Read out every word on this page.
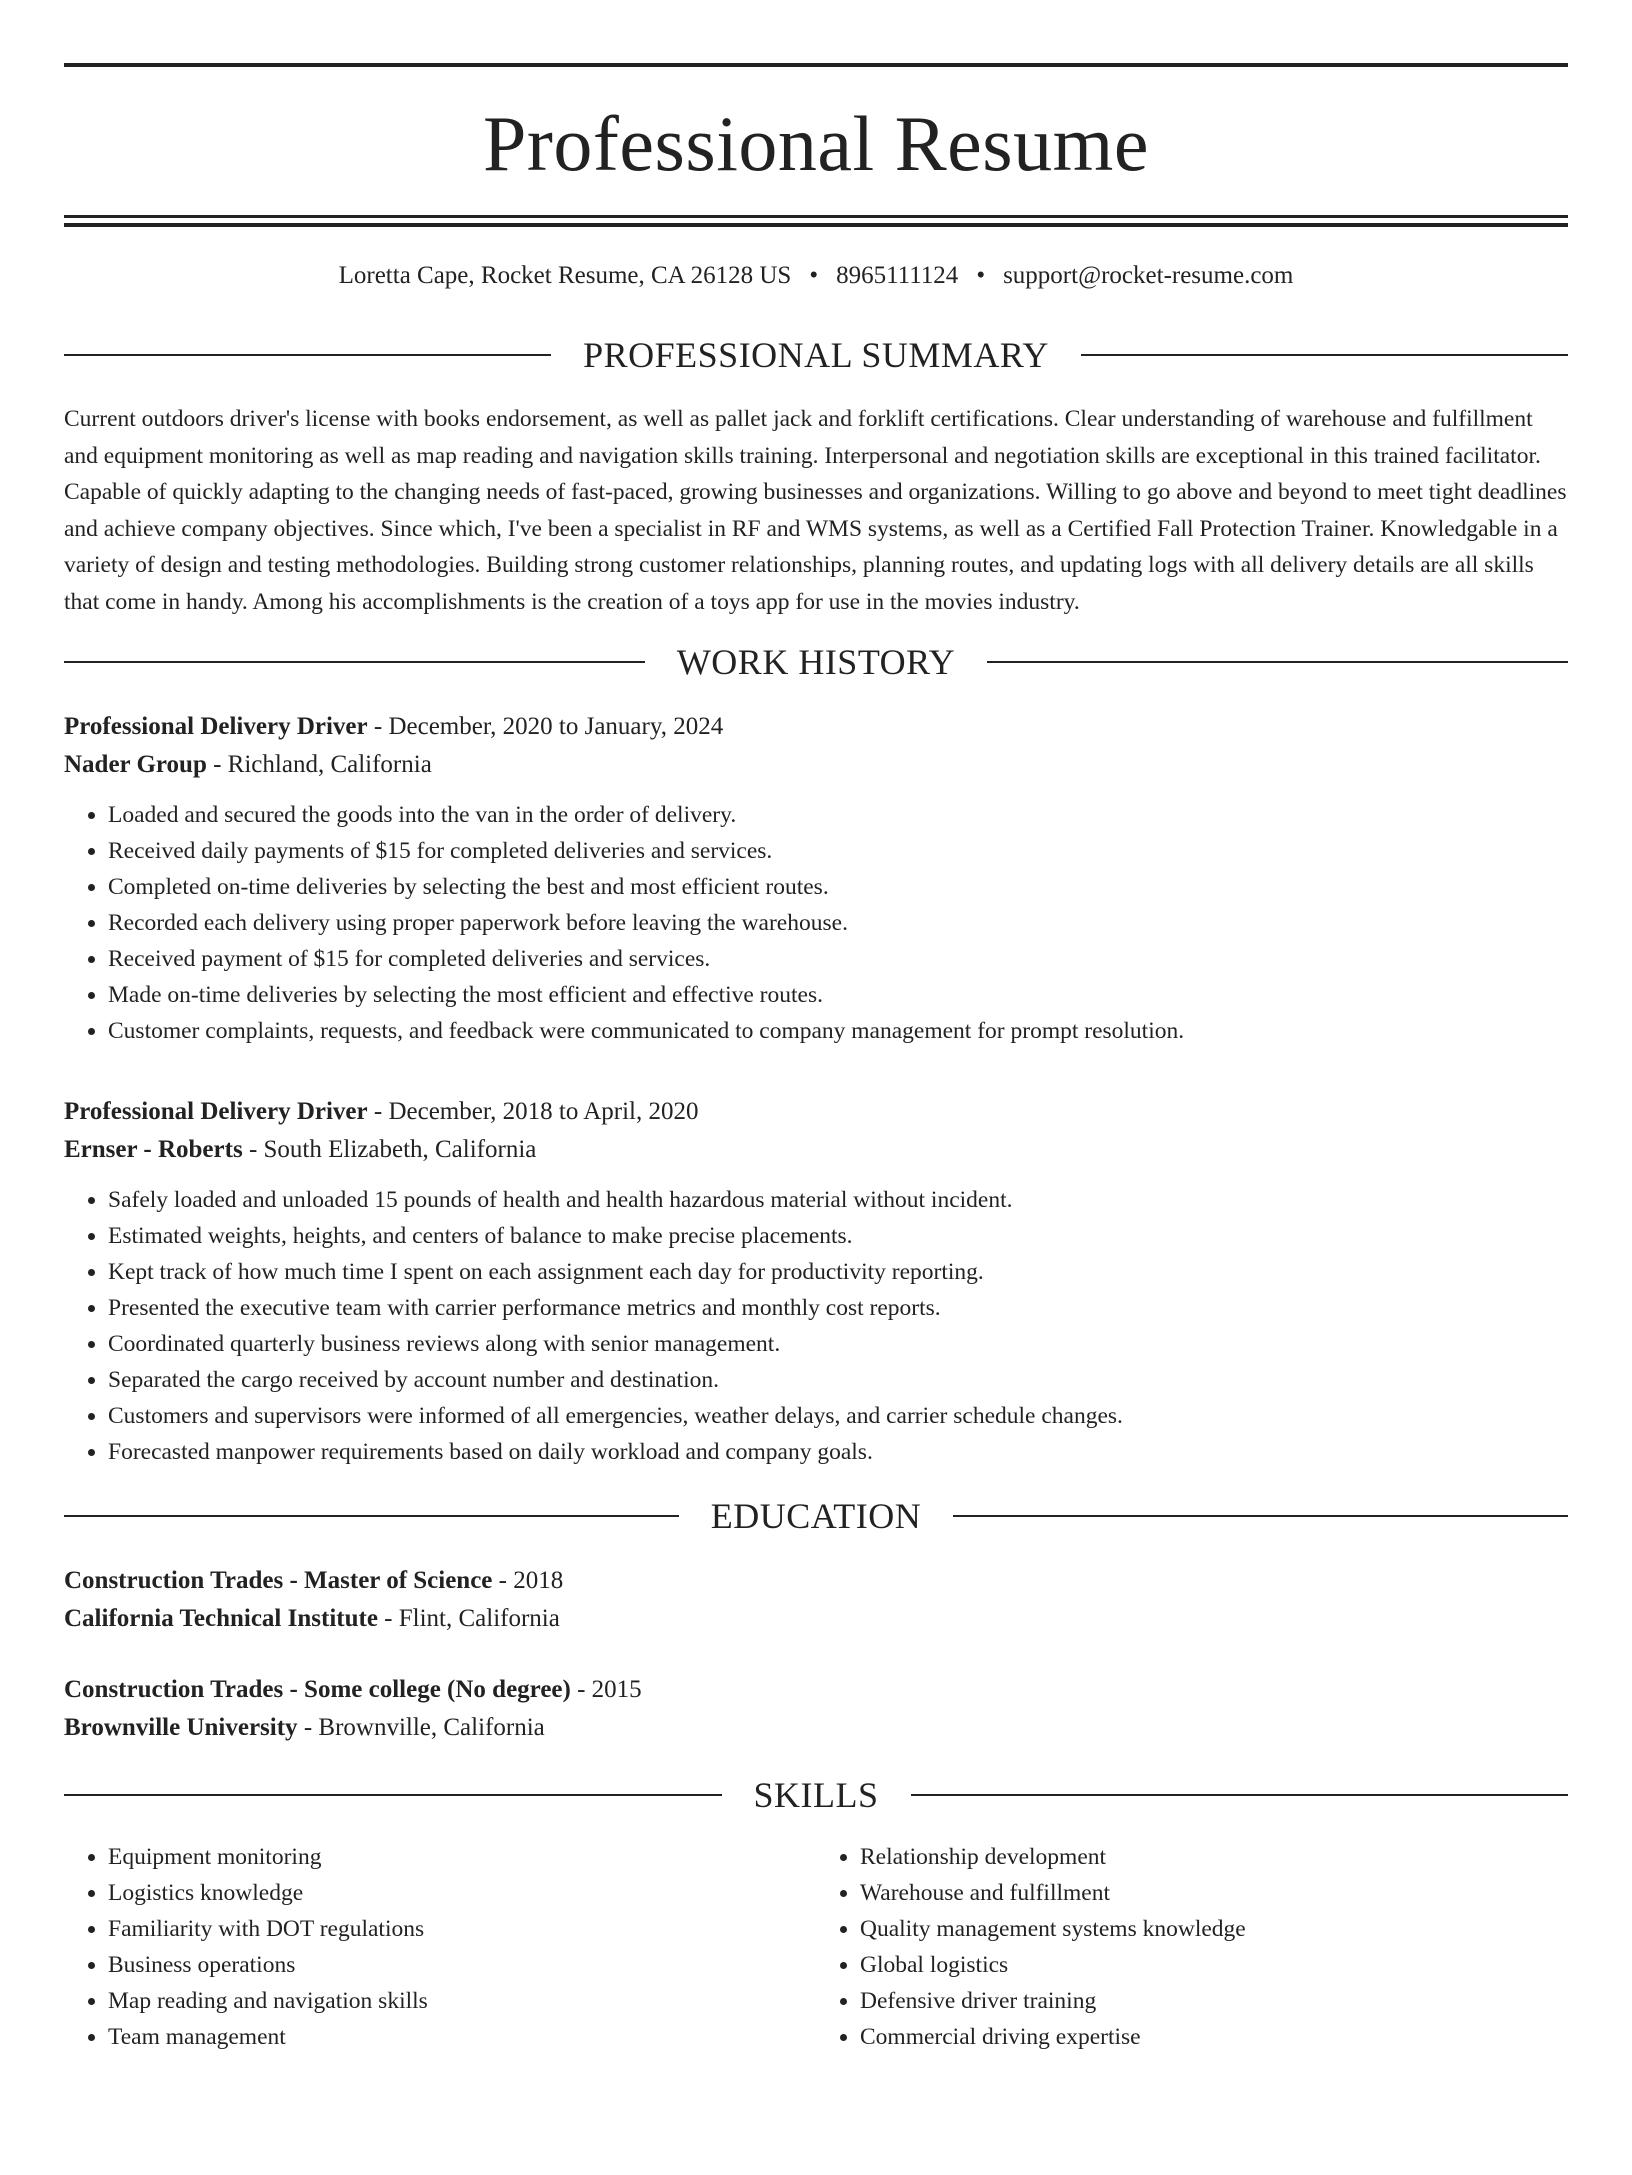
Professional Resume
Loretta Cape, Rocket Resume, CA 26128 US • 8965111124 • support@rocket-resume.com
PROFESSIONAL SUMMARY

Current outdoors driver's license with books endorsement, as well as pallet jack and forklift certifications. Clear understanding of warehouse and fulfillment and equipment monitoring as well as map reading and navigation skills training. Interpersonal and negotiation skills are exceptional in this trained facilitator. Capable of quickly adapting to the changing needs of fast-paced, growing businesses and organizations. Willing to go above and beyond to meet tight deadlines and achieve company objectives. Since which, I've been a specialist in RF and WMS systems, as well as a Certified Fall Protection Trainer. Knowledgable in a variety of design and testing methodologies. Building strong customer relationships, planning routes, and updating logs with all delivery details are all skills that come in handy. Among his accomplishments is the creation of a toys app for use in the movies industry.

WORK HISTORY
Professional Delivery Driver - December, 2020 to January, 2024
Nader Group - Richland, California
• Loaded and secured the goods into the van in the order of delivery.
• Received daily payments of $15 for completed deliveries and services.
• Completed on-time deliveries by selecting the best and most efficient routes.
• Recorded each delivery using proper paperwork before leaving the warehouse.
• Received payment of $15 for completed deliveries and services.
• Made on-time deliveries by selecting the most efficient and effective routes.
• Customer complaints, requests, and feedback were communicated to company management for prompt resolution.
Professional Delivery Driver - December, 2018 to April, 2020
Ernser - Roberts - South Elizabeth, California
• Safely loaded and unloaded 15 pounds of health and health hazardous material without incident.
• Estimated weights, heights, and centers of balance to make precise placements.
• Kept track of how much time I spent on each assignment each day for productivity reporting.
• Presented the executive team with carrier performance metrics and monthly cost reports.
• Coordinated quarterly business reviews along with senior management.
• Separated the cargo received by account number and destination.
• Customers and supervisors were informed of all emergencies, weather delays, and carrier schedule changes.
• Forecasted manpower requirements based on daily workload and company goals.
EDUCATION
Construction Trades - Master of Science - 2018
California Technical Institute - Flint, California
Construction Trades - Some college (No degree) - 2015
Brownville University - Brownville, California
SKILLS
• Equipment monitoring
• Logistics knowledge
• Familiarity with DOT regulations
• Business operations
• Map reading and navigation skills
• Team management
• Relationship development
• Warehouse and fulfillment
• Quality management systems knowledge
• Global logistics
• Defensive driver training
• Commercial driving expertise
